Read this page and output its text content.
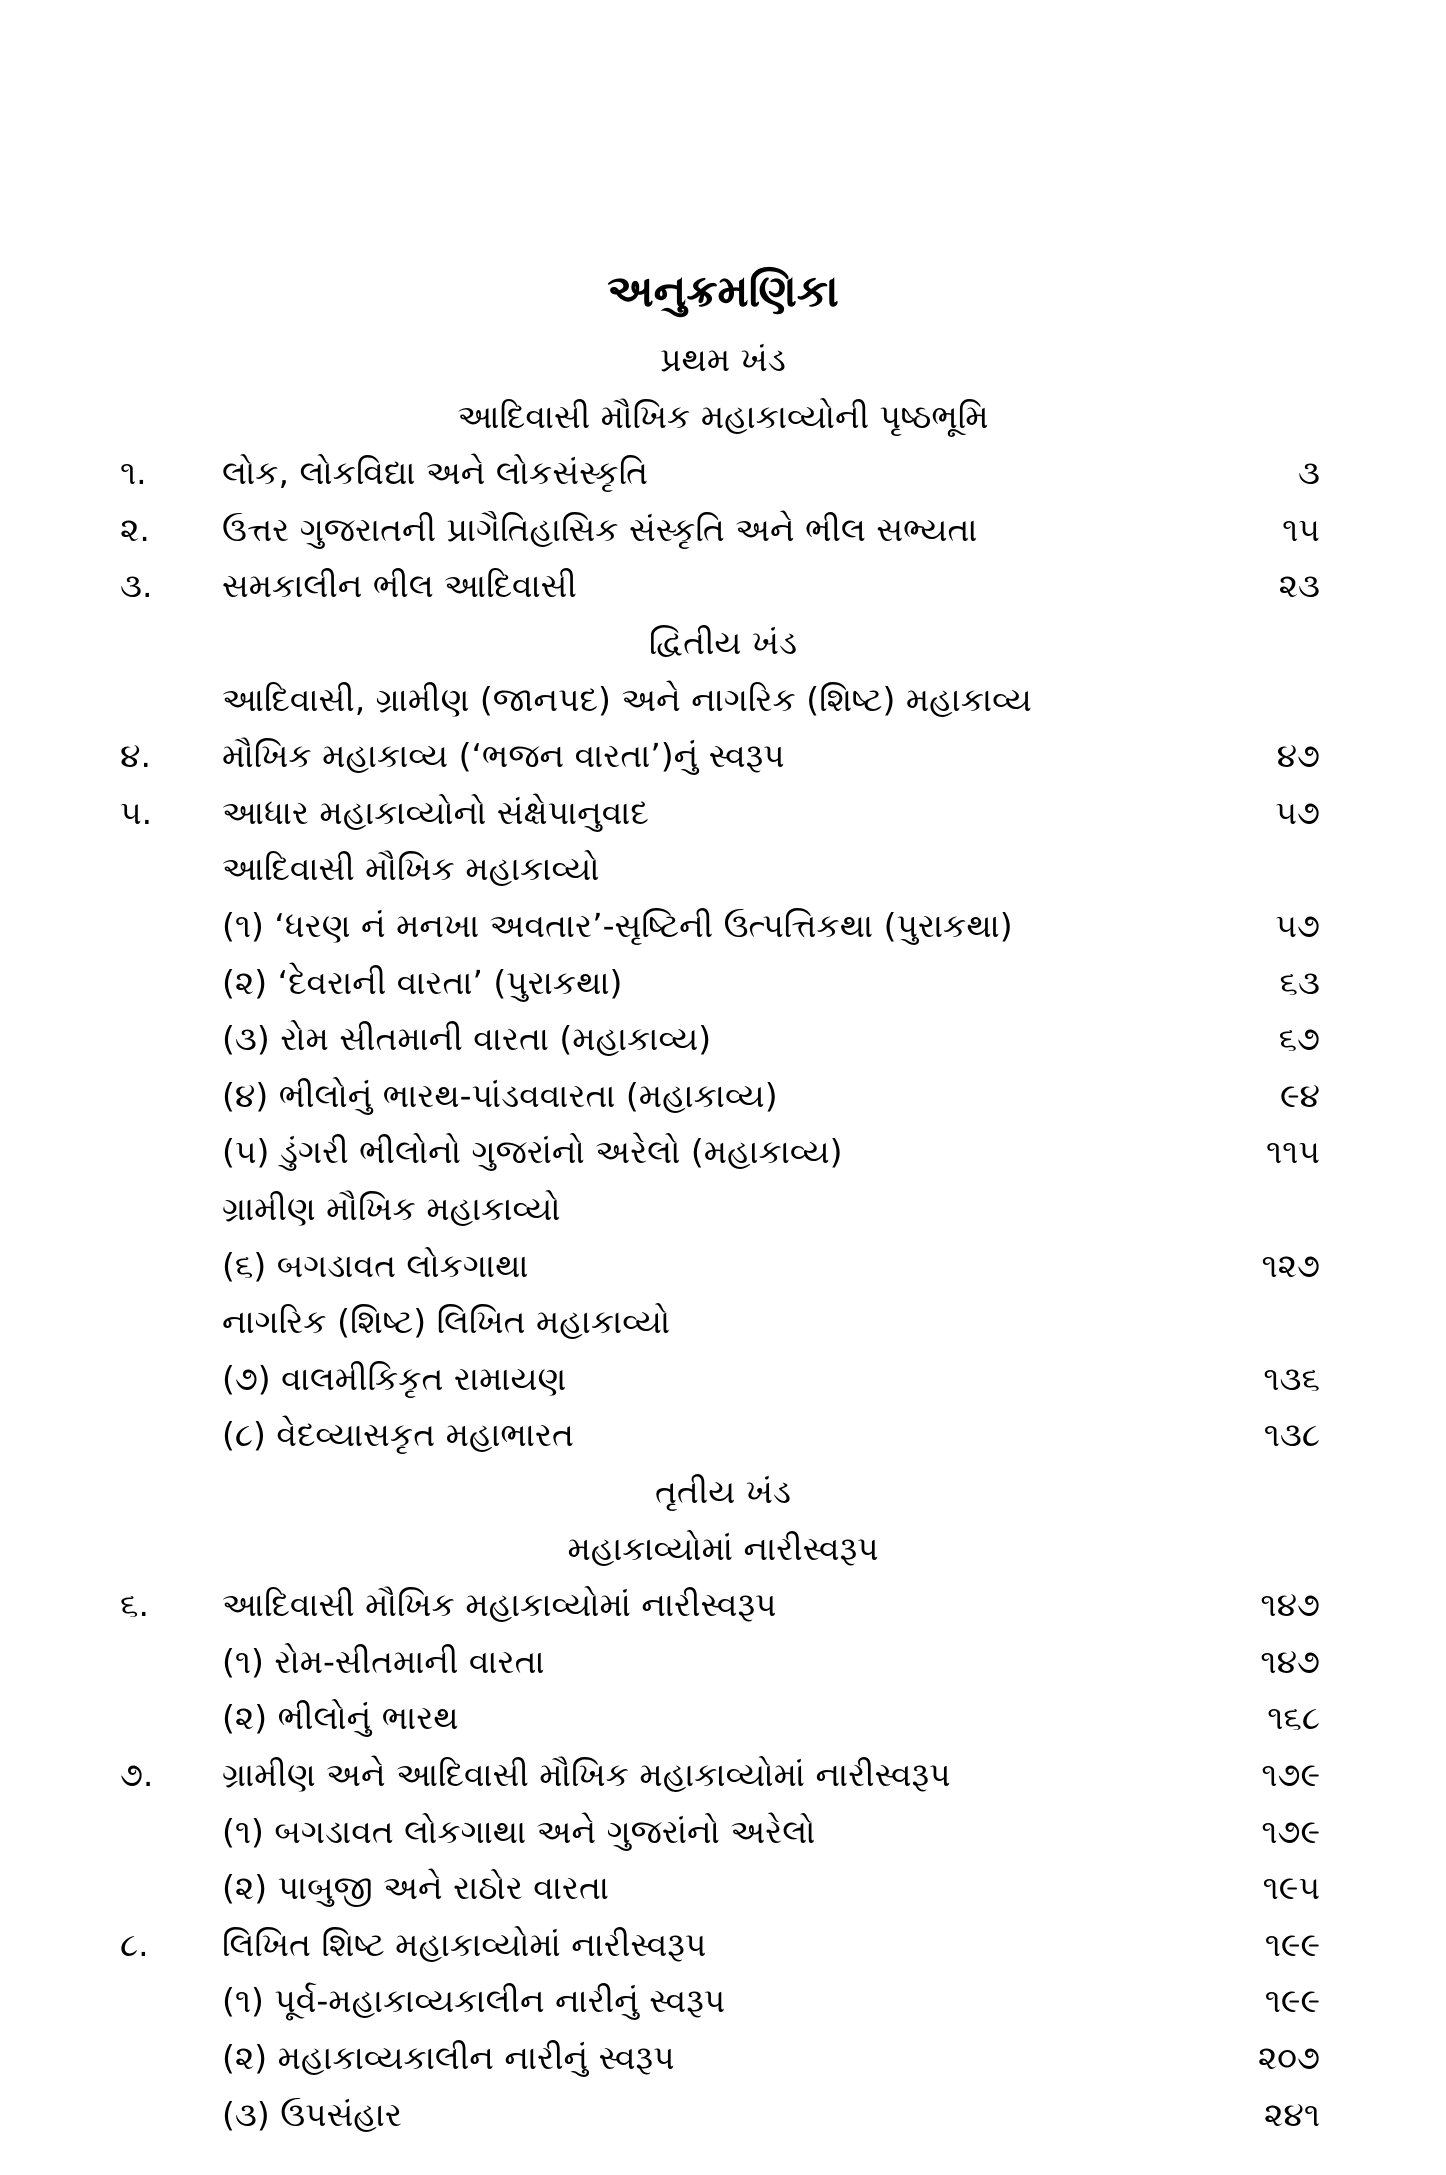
અનુક્રમણિકા
પ્રથમ ખંડ
આદિવાસી મૌખિક મહાકાવ્યોની પૃષ્ઠભૂમિ
૧. લોક, લોકવિદ્યા અને લોકસંસ્કૃતિ	૩
૨. ઉત્તર ગુજરાતની પ્રાગૈતિહાસિક સંસ્કૃતિ અને ભીલ સભ્યતા	૧૫
૩. સમકાલીન ભીલ આદિવાસી	૨૩
દ્વિતીય ખંડ
આદિવાસી, ગ્રામીણ (જાનપદ) અને નાગરિક (શિષ્ટ) મહાકાવ્ય
૪. મૌખિક મહાકાવ્ય (‘ભજન વારતા’)નું સ્વરૂપ	૪૭
૫. આધાર મહાકાવ્યોનો સંક્ષેપાનુવાદ	૫૭
આદિવાસી મૌખિક મહાકાવ્યો
(૧) ‘ધરણ નં મનખા અવતાર’-સૃષ્ટિની ઉત્પત્તિકથા (પુરાકથા)	૫૭
(૨) ‘દેવરાની વારતા’ (પુરાકથા)	૬૩
(૩) રોમ સીતમાની વારતા (મહાકાવ્ય)	૬૭
(૪) ભીલોનું ભારથ-પાંડવવારતા (મહાકાવ્ય)	૯૪
(૫) ડુંગરી ભીલોનો ગુજરાંનો અરેલો (મહાકાવ્ય)	૧૧૫
ગ્રામીણ મૌખિક મહાકાવ્યો
(૬) બગડાવત લોકગાથા	૧૨૭
નાગરિક (શિષ્ટ) લિખિત મહાકાવ્યો
(૭) વાલમીકિકૃત રામાયણ	૧૩૬
(૮) વેદવ્યાસકૃત મહાભારત	૧૩૮
તૃતીય ખંડ
મહાકાવ્યોમાં નારીસ્વરૂપ
૬. આદિવાસી મૌખિક મહાકાવ્યોમાં નારીસ્વરૂપ	૧૪૭
(૧) રોમ-સીતમાની વારતા	૧૪૭
(૨) ભીલોનું ભારથ	૧૬૮
૭. ગ્રામીણ અને આદિવાસી મૌખિક મહાકાવ્યોમાં નારીસ્વરૂપ	૧૭૯
(૧) બગડાવત લોકગાથા અને ગુજરાંનો અરેલો	૧૭૯
(૨) પાબુજી અને રાઠોર વારતા	૧૯૫
૮. લિખિત શિષ્ટ મહાકાવ્યોમાં નારીસ્વરૂપ	૧૯૯
(૧) પૂર્વ-મહાકાવ્યકાલીન નારીનું સ્વરૂપ	૧૯૯
(૨) મહાકાવ્યકાલીન નારીનું સ્વરૂપ	૨૦૭
(૩) ઉપસંહાર	૨૪૧
